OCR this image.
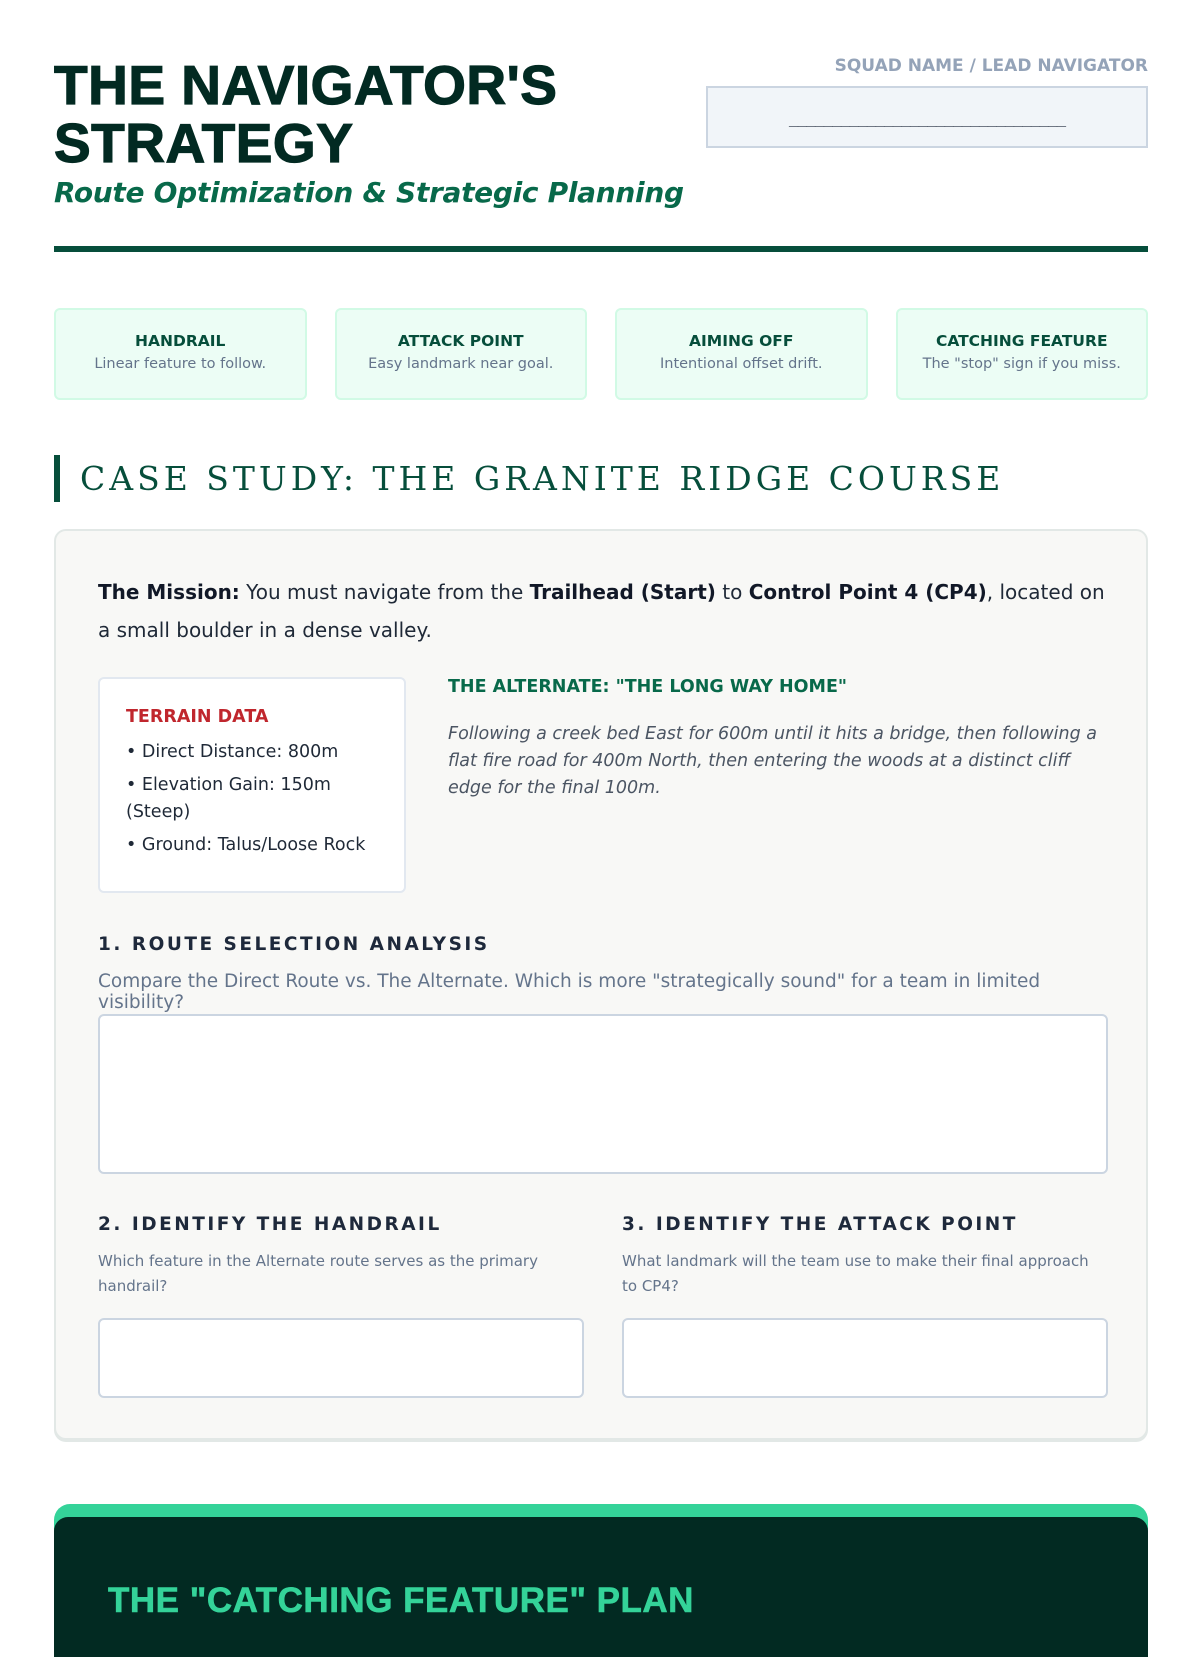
THE NAVIGATOR'S STRATEGY
Route Optimization & Strategic Planning
SQUAD NAME / LEAD NAVIGATOR
________________________________
HANDRAIL
Linear feature to follow.
ATTACK POINT
Easy landmark near goal.
AIMING OFF
Intentional offset drift.
CATCHING FEATURE
The "stop" sign if you miss.
CASE STUDY: THE GRANITE RIDGE COURSE

The Mission: You must navigate from the Trailhead (Start) to Control Point 4 (CP4), located on a small boulder in a dense valley.

TERRAIN DATA
• Direct Distance: 800m
• Elevation Gain: 150m (Steep)
• Ground: Talus/Loose Rock
THE ALTERNATE: "THE LONG WAY HOME"
Following a creek bed East for 600m until it hits a bridge, then following a flat fire road for 400m North, then entering the woods at a distinct cliff edge for the final 100m.
1. ROUTE SELECTION ANALYSIS
Compare the Direct Route vs. The Alternate. Which is more "strategically sound" for a team in limited visibility?
2. IDENTIFY THE HANDRAIL
Which feature in the Alternate route serves as the primary handrail?
3. IDENTIFY THE ATTACK POINT
What landmark will the team use to make their final approach to CP4?
THE "CATCHING FEATURE" PLAN
